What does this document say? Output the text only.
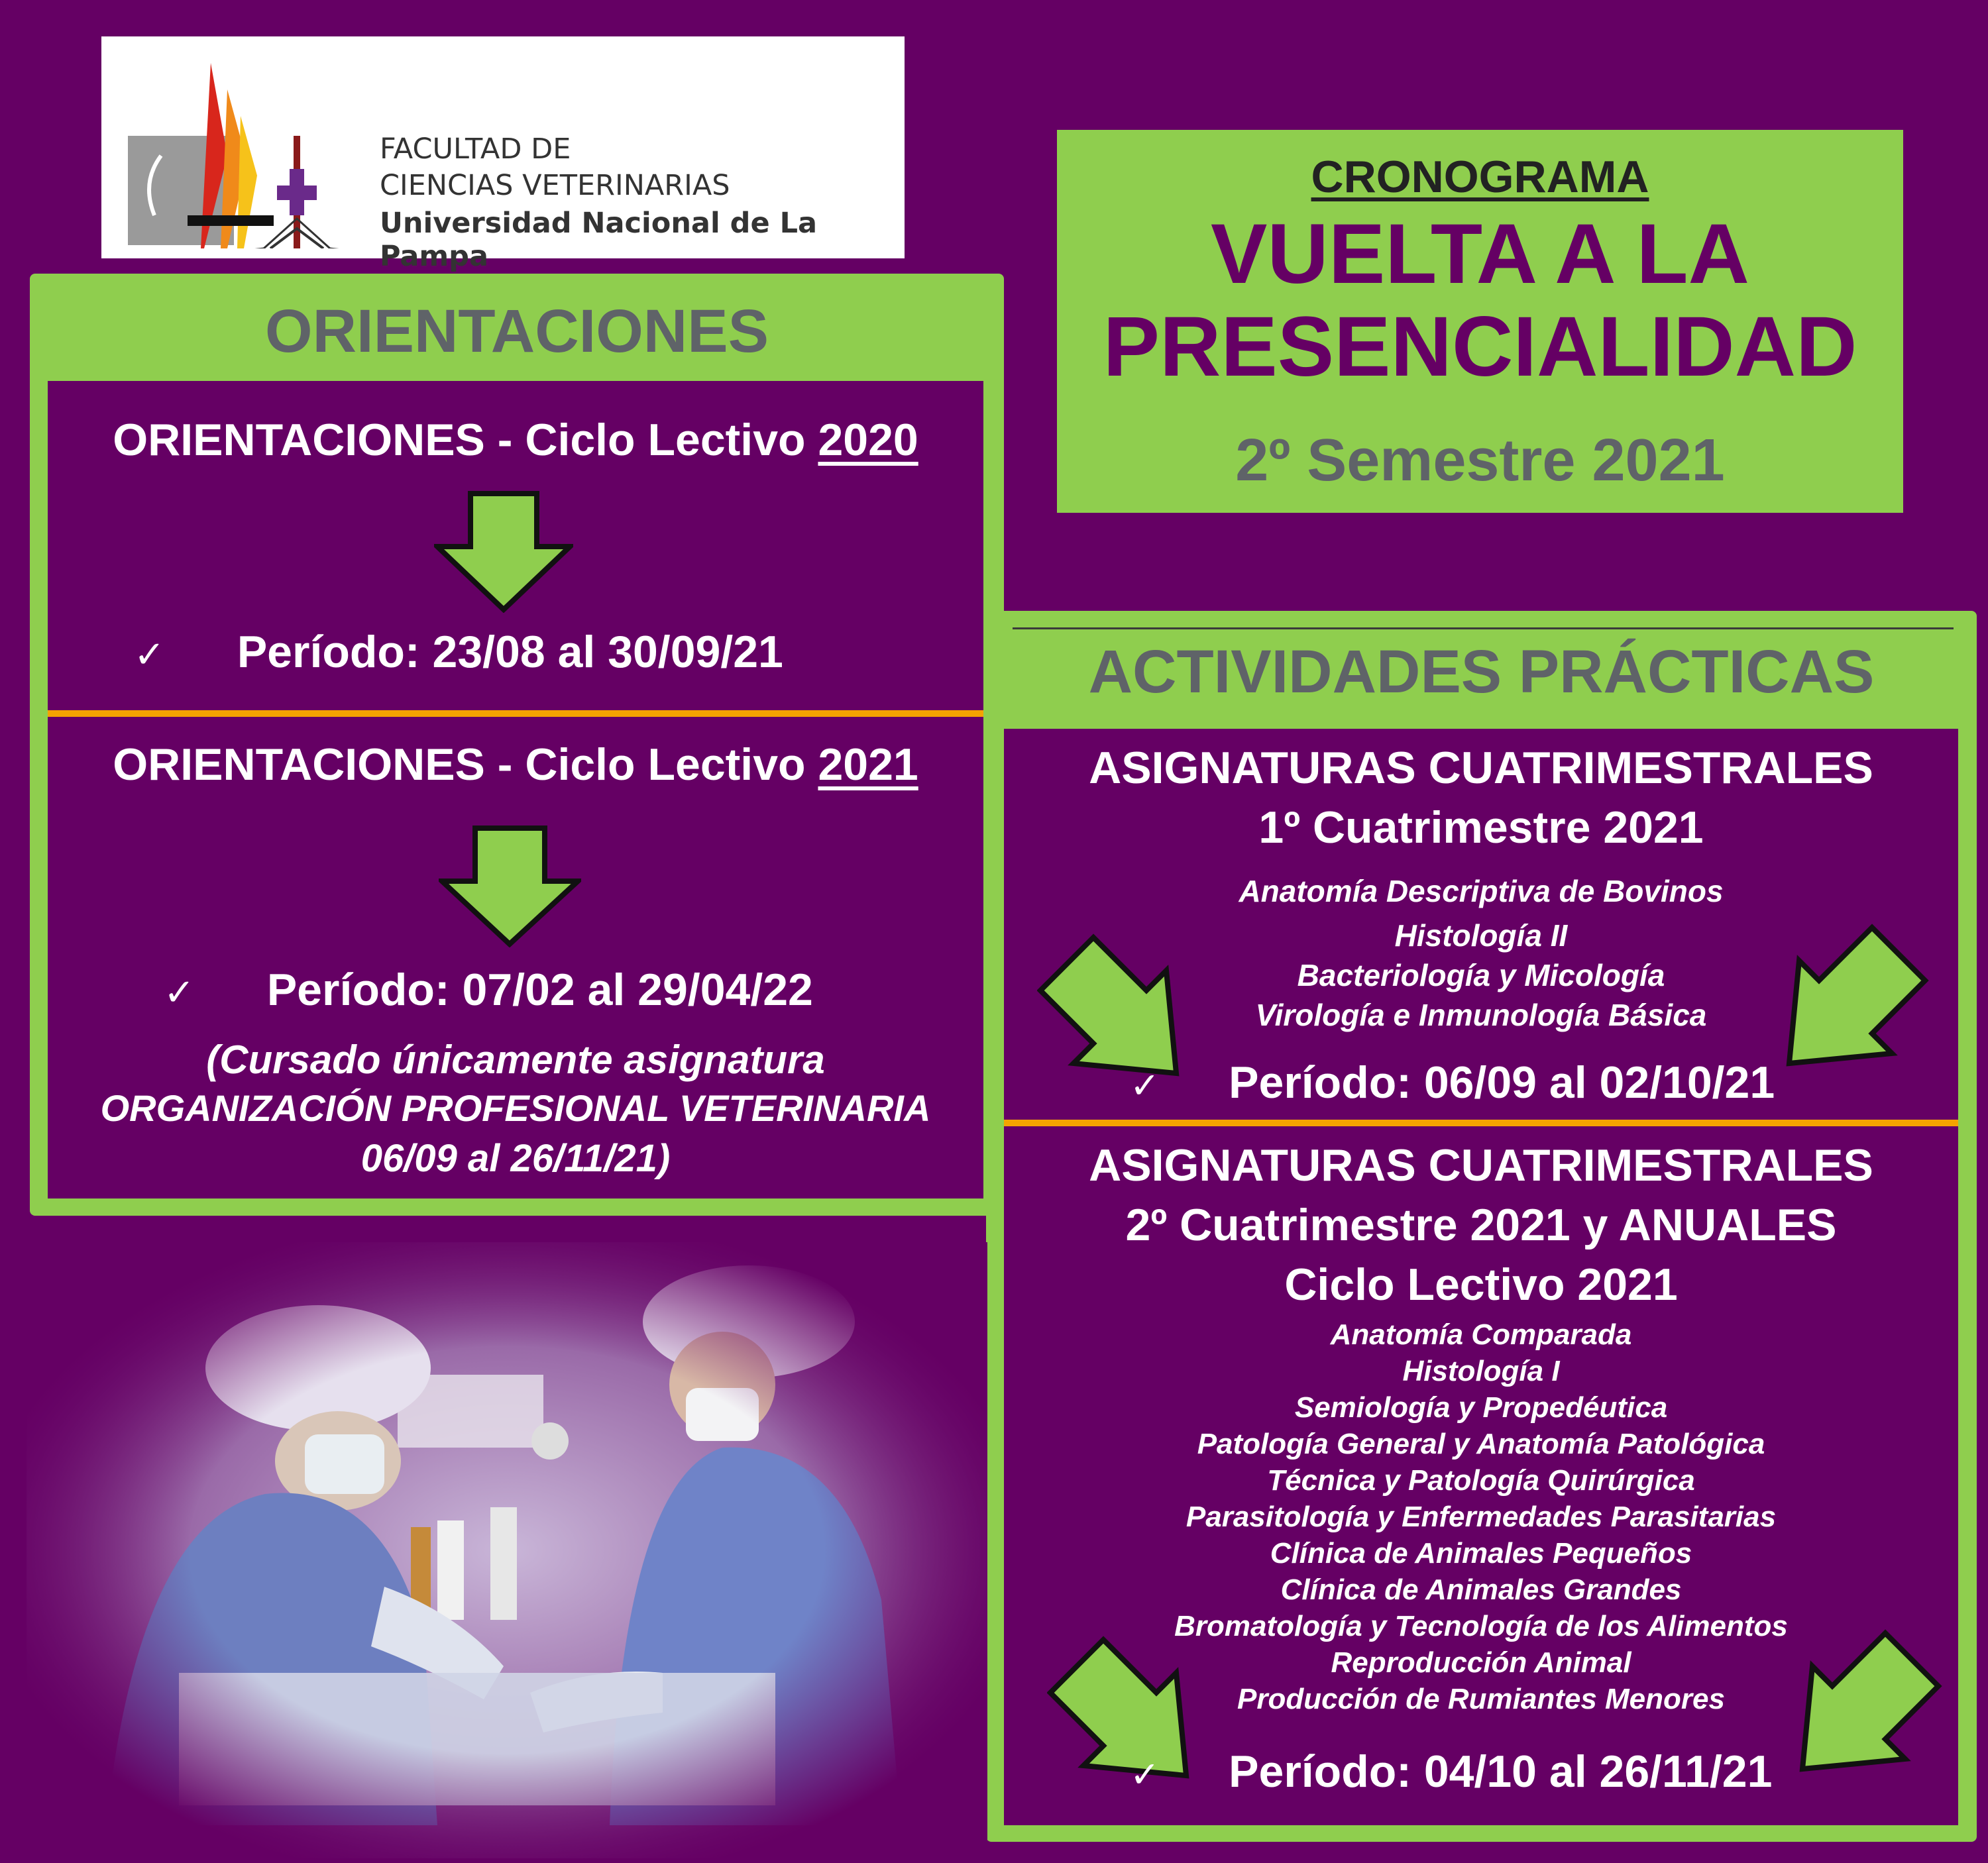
FACULTAD DE
CIENCIAS VETERINARIAS
Universidad Nacional de La Pampa
CRONOGRAMA
VUELTA A LA
PRESENCIALIDAD
2º Semestre 2021
ORIENTACIONES
ORIENTACIONES - Ciclo Lectivo 2020
✓ Período: 23/08 al 30/09/21
ORIENTACIONES - Ciclo Lectivo 2021
✓ Período: 07/02 al 29/04/22
(Cursado únicamente asignatura
ORGANIZACIÓN PROFESIONAL VETERINARIA
06/09 al 26/11/21)
ACTIVIDADES PRÁCTICAS
ASIGNATURAS CUATRIMESTRALES
1º Cuatrimestre 2021
Anatomía Descriptiva de Bovinos
Histología II
Bacteriología y Micología
Virología e Inmunología Básica
✓ Período: 06/09 al 02/10/21
ASIGNATURAS CUATRIMESTRALES
2º Cuatrimestre 2021 y ANUALES
Ciclo Lectivo 2021
Anatomía Comparada
Histología I
Semiología y Propedéutica
Patología General y Anatomía Patológica
Técnica y Patología Quirúrgica
Parasitología y Enfermedades Parasitarias
Clínica de Animales Pequeños
Clínica de Animales Grandes
Bromatología y Tecnología de los Alimentos
Reproducción Animal
Producción de Rumiantes Menores
✓ Período: 04/10 al 26/11/21
